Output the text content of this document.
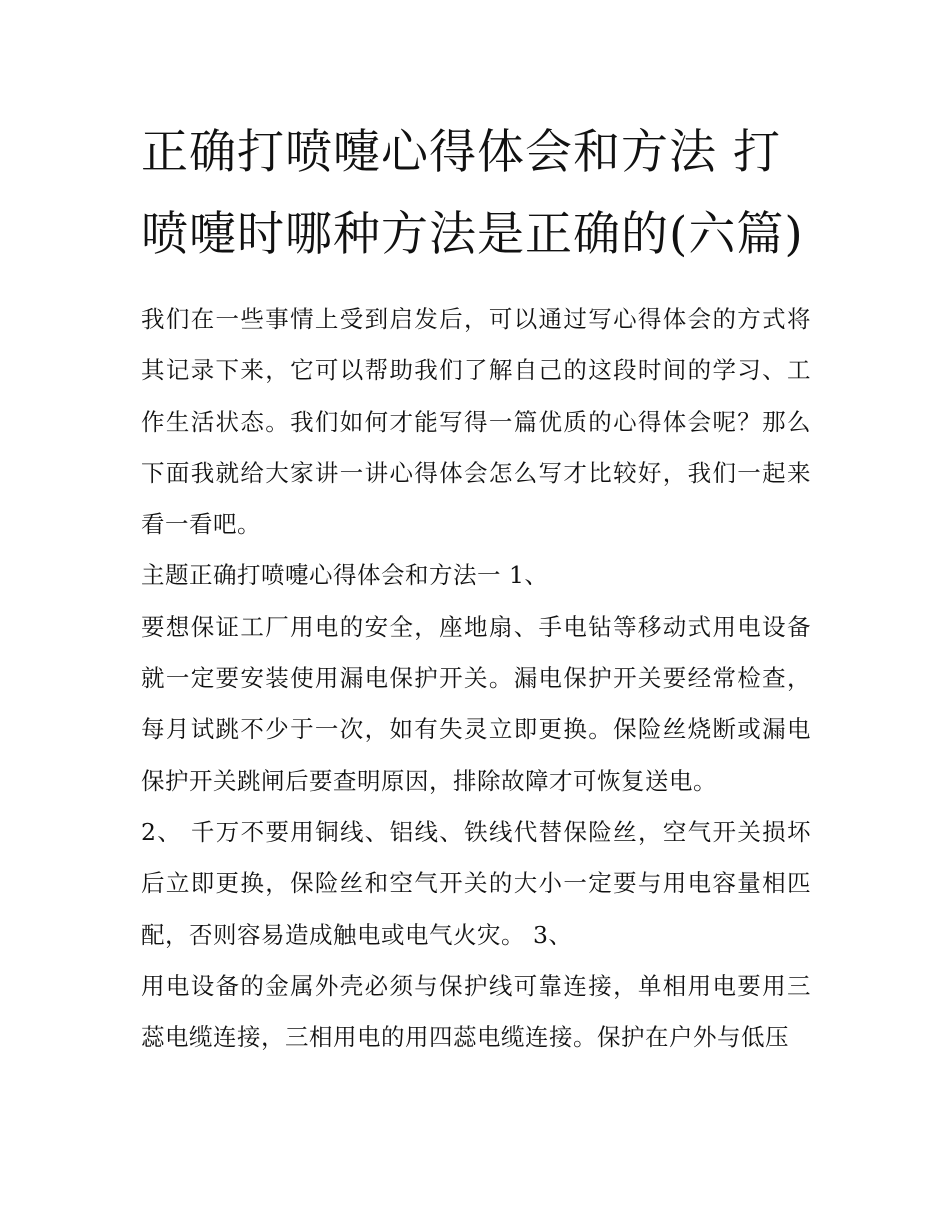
正确打喷嚏心得体会和方法 打喷嚏时哪种方法是正确的(六篇)

我们在一些事情上受到启发后，可以通过写心得体会的方式将其记录下来，它可以帮助我们了解自己的这段时间的学习、工作生活状态。我们如何才能写得一篇优质的心得体会呢？那么下面我就给大家讲一讲心得体会怎么写才比较好，我们一起来看一看吧。

主题正确打喷嚏心得体会和方法一 1、

要想保证工厂用电的安全，座地扇、手电钻等移动式用电设备就一定要安装使用漏电保护开关。漏电保护开关要经常检查，每月试跳不少于一次，如有失灵立即更换。保险丝烧断或漏电保护开关跳闸后要查明原因，排除故障才可恢复送电。

2、 千万不要用铜线、铝线、铁线代替保险丝，空气开关损坏后立即更换，保险丝和空气开关的大小一定要与用电容量相匹配，否则容易造成触电或电气火灾。 3、

用电设备的金属外壳必须与保护线可靠连接，单相用电要用三蕊电缆连接，三相用电的用四蕊电缆连接。保护在户外与低压
